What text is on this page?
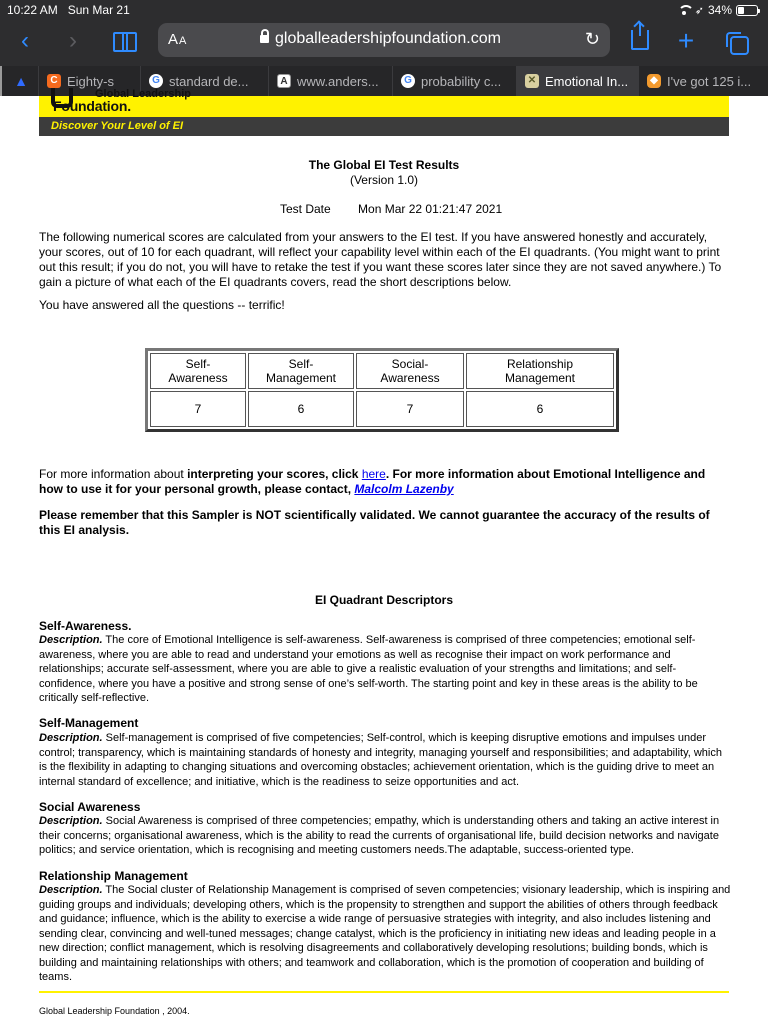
10:22 AM Sun Mar 21	➶ 34%
‹ ›	AA	globalleadershipfoundation.com	↻	+
▲	C Eighty-s	G standard de...	A www.anders...	G probability c...	✕ Emotional In...	◆ I've got 125 i...
Global Leadership
Foundation.
Discover Your Level of EI
The Global EI Test Results
(Version 1.0)
Test Date Mon Mar 22 01:21:47 2021

The following numerical scores are calculated from your answers to the EI test. If you have answered honestly and accurately, your scores, out of 10 for each quadrant, will reflect your capability level within each of the EI quadrants. (You might want to print out this result; if you do not, you will have to retake the test if you want these scores later since they are not saved anywhere.) To gain a picture of what each of the EI quadrants covers, read the short descriptions below.

You have answered all the questions -- terrific!

Self-Awareness	Self-Management	Social-Awareness	Relationship Management
7	6	7	6

For more information about interpreting your scores, click here. For more information about Emotional Intelligence and how to use it for your personal growth, please contact, Malcolm Lazenby

Please remember that this Sampler is NOT scientifically validated. We cannot guarantee the accuracy of the results of this EI analysis.

EI Quadrant Descriptors
Self-Awareness.

Description. The core of Emotional Intelligence is self-awareness. Self-awareness is comprised of three competencies; emotional self-awareness, where you are able to read and understand your emotions as well as recognise their impact on work performance and relationships; accurate self-assessment, where you are able to give a realistic evaluation of your strengths and limitations; and self-confidence, where you have a positive and strong sense of one’s self-worth. The starting point and key in these areas is the ability to be critically self-reflective.

Self-Management

Description. Self-management is comprised of five competencies; Self-control, which is keeping disruptive emotions and impulses under control; transparency, which is maintaining standards of honesty and integrity, managing yourself and responsibilities; and adaptability, which is the flexibility in adapting to changing situations and overcoming obstacles; achievement orientation, which is the guiding drive to meet an internal standard of excellence; and initiative, which is the readiness to seize opportunities and act.

Social Awareness

Description. Social Awareness is comprised of three competencies; empathy, which is understanding others and taking an active interest in their concerns; organisational awareness, which is the ability to read the currents of organisational life, build decision networks and navigate politics; and service orientation, which is recognising and meeting customers needs.The adaptable, success-oriented type.

Relationship Management

Description. The Social cluster of Relationship Management is comprised of seven competencies; visionary leadership, which is inspiring and guiding groups and individuals; developing others, which is the propensity to strengthen and support the abilities of others through feedback and guidance; influence, which is the ability to exercise a wide range of persuasive strategies with integrity, and also includes listening and sending clear, convincing and well-tuned messages; change catalyst, which is the proficiency in initiating new ideas and leading people in a new direction; conflict management, which is resolving disagreements and collaboratively developing resolutions; building bonds, which is building and maintaining relationships with others; and teamwork and collaboration, which is the promotion of cooperation and building of teams.

Global Leadership Foundation , 2004.
